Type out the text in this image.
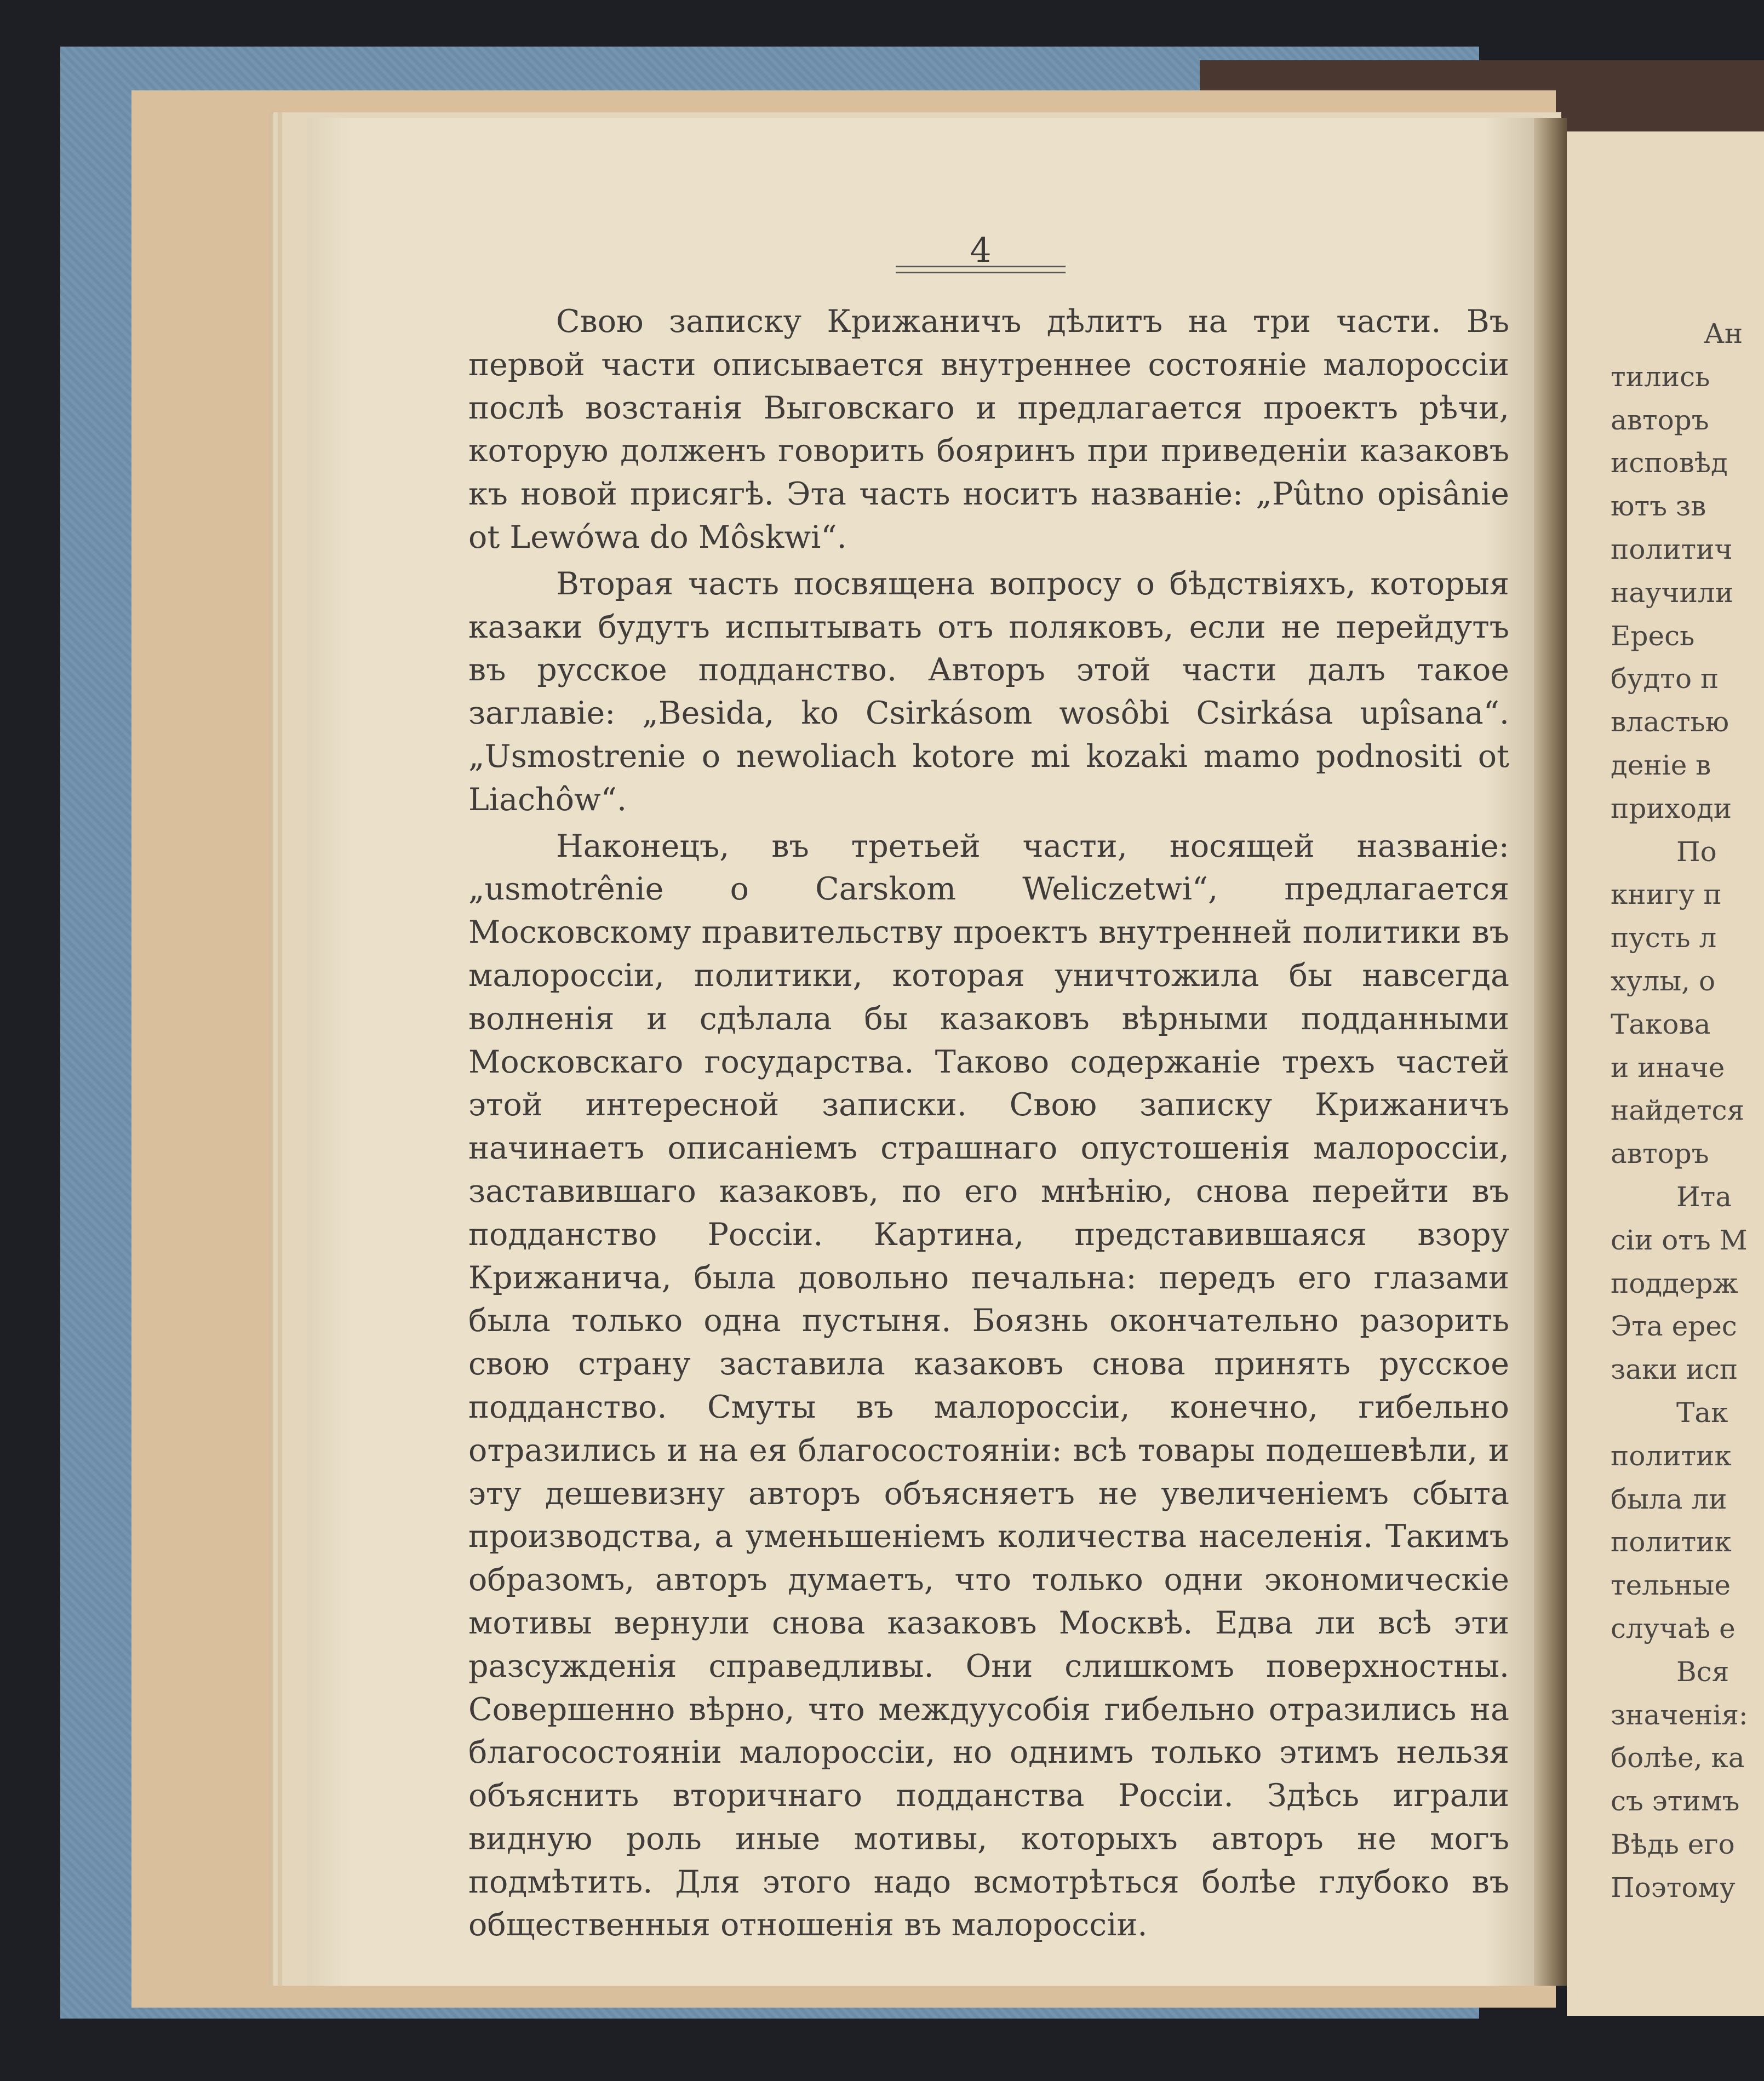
4

Свою записку Крижаничъ дѣлитъ на три части. Въ первой части описывается внутреннее состояніе малороссіи послѣ возстанія Выговскаго и предлагается проектъ рѣчи, которую долженъ говорить бояринъ при приведеніи казаковъ къ новой присягѣ. Эта часть носитъ названіе: „Pûtno opisânie ot Lewówa do Môskwi“.

Вторая часть посвящена вопросу о бѣдствіяхъ, которыя казаки будутъ испытывать отъ поляковъ, если не перейдутъ въ русское подданство. Авторъ этой части далъ такое заглавіе: „Besida, ko Csirkásom wosôbi Csirkása upîsana“. „Usmostrenie o newoliach kotore mi kozaki mamo podnositi ot Liachôw“.

Наконецъ, въ третьей части, носящей названіе: „usmotrênie o Carskom Weliczetwi“, предлагается Московскому правительству проектъ внутренней политики въ малороссіи, политики, которая уничтожила бы навсегда волненія и сдѣлала бы казаковъ вѣрными подданными Московскаго государства. Таково содержаніе трехъ частей этой интересной записки. Свою записку Крижаничъ начинаетъ описаніемъ страшнаго опустошенія малороссіи, заставившаго казаковъ, по его мнѣнію, снова перейти въ подданство Россіи. Картина, представившаяся взору Крижанича, была довольно печальна: передъ его глазами была только одна пустыня. Боязнь окончательно разорить свою страну заставила казаковъ снова принять русское подданство. Смуты въ малороссіи, конечно, гибельно отразились и на ея благосостояніи: всѣ товары подешевѣли, и эту дешевизну авторъ объясняетъ не увеличеніемъ сбыта производства, а уменьшеніемъ количества населенія. Такимъ образомъ, авторъ думаетъ, что только одни экономическіе мотивы вернули снова казаковъ Москвѣ. Едва ли всѣ эти разсужденія справедливы. Они слишкомъ поверхностны. Совершенно вѣрно, что междуусобія гибельно отразились на благосостояніи малороссіи, но однимъ только этимъ нельзя объяснить вторичнаго подданства Россіи. Здѣсь играли видную роль иные мотивы, которыхъ авторъ не могъ подмѣтить. Для этого надо всмотрѣться болѣе глубоко въ общественныя отношенія въ малороссіи.

Ан
тились
авторъ
исповѣд
ютъ зв
политич
научили
Ересь
будто п
властью
деніе в
приходи
По
книгу п
пусть л
хулы, о
Такова
и иначе
найдется
авторъ
Ита
сіи отъ М
поддерж
Эта ерес
заки исп
Так
политик
была ли
политик
тельные
случаѣ е
Вся
значенія:
болѣе, ка
съ этимъ
Вѣдь его
Поэтому
